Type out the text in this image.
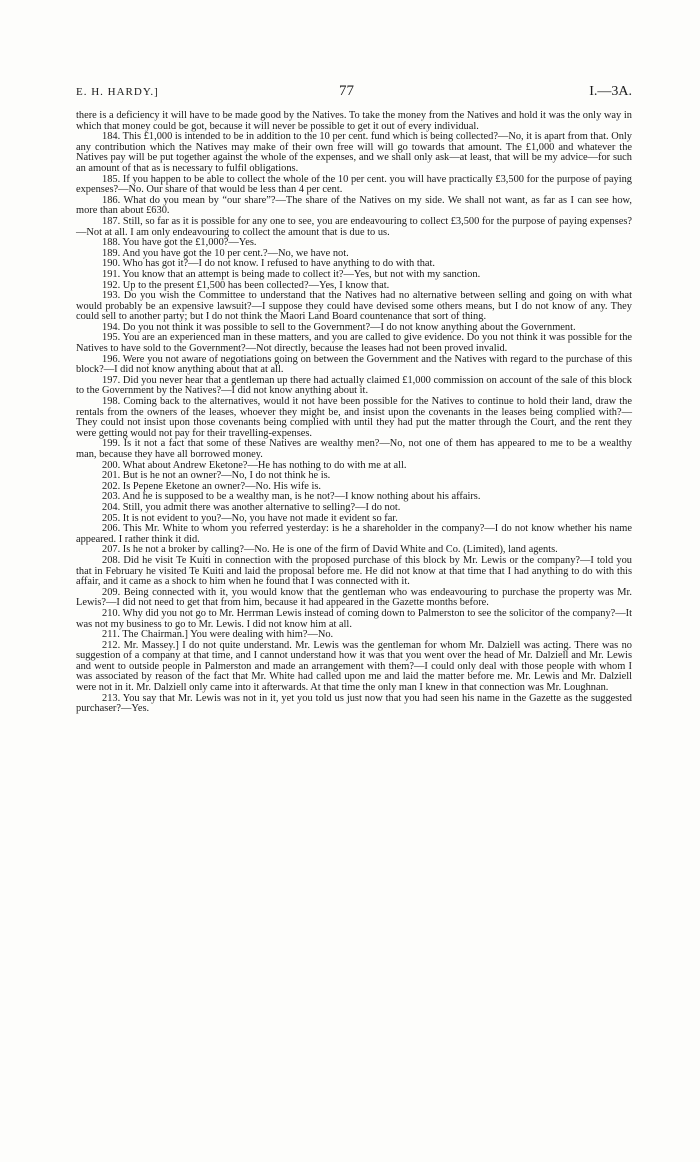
E. H. HARDY.]	77	I.—3A.

there is a deficiency it will have to be made good by the Natives. To take the money from the Natives and hold it was the only way in which that money could be got, because it will never be possible to get it out of every individual.

184. This £1,000 is intended to be in addition to the 10 per cent. fund which is being collected?—No, it is apart from that. Only any contribution which the Natives may make of their own free will will go towards that amount. The £1,000 and whatever the Natives pay will be put together against the whole of the expenses, and we shall only ask—at least, that will be my advice—for such an amount of that as is necessary to fulfil obligations.

185. If you happen to be able to collect the whole of the 10 per cent. you will have practically £3,500 for the purpose of paying expenses?—No. Our share of that would be less than 4 per cent.

186. What do you mean by “our share”?—The share of the Natives on my side. We shall not want, as far as I can see how, more than about £630.

187. Still, so far as it is possible for any one to see, you are endeavouring to collect £3,500 for the purpose of paying expenses?—Not at all. I am only endeavouring to collect the amount that is due to us.

188. You have got the £1,000?—Yes.

189. And you have got the 10 per cent.?—No, we have not.

190. Who has got it?—I do not know. I refused to have anything to do with that.

191. You know that an attempt is being made to collect it?—Yes, but not with my sanction.

192. Up to the present £1,500 has been collected?—Yes, I know that.

193. Do you wish the Committee to understand that the Natives had no alternative between selling and going on with what would probably be an expensive lawsuit?—I suppose they could have devised some others means, but I do not know of any. They could sell to another party; but I do not think the Maori Land Board countenance that sort of thing.

194. Do you not think it was possible to sell to the Government?—I do not know anything about the Government.

195. You are an experienced man in these matters, and you are called to give evidence. Do you not think it was possible for the Natives to have sold to the Government?—Not directly, because the leases had not been proved invalid.

196. Were you not aware of negotiations going on between the Government and the Natives with regard to the purchase of this block?—I did not know anything about that at all.

197. Did you never hear that a gentleman up there had actually claimed £1,000 commission on account of the sale of this block to the Government by the Natives?—I did not know anything about it.

198. Coming back to the alternatives, would it not have been possible for the Natives to continue to hold their land, draw the rentals from the owners of the leases, whoever they might be, and insist upon the covenants in the leases being complied with?—They could not insist upon those covenants being complied with until they had put the matter through the Court, and the rent they were getting would not pay for their travelling-expenses.

199. Is it not a fact that some of these Natives are wealthy men?—No, not one of them has appeared to me to be a wealthy man, because they have all borrowed money.

200. What about Andrew Eketone?—He has nothing to do with me at all.

201. But is he not an owner?—No, I do not think he is.

202. Is Pepene Eketone an owner?—No. His wife is.

203. And he is supposed to be a wealthy man, is he not?—I know nothing about his affairs.

204. Still, you admit there was another alternative to selling?—I do not.

205. It is not evident to you?—No, you have not made it evident so far.

206. This Mr. White to whom you referred yesterday: is he a shareholder in the company?—I do not know whether his name appeared. I rather think it did.

207. Is he not a broker by calling?—No. He is one of the firm of David White and Co. (Limited), land agents.

208. Did he visit Te Kuiti in connection with the proposed purchase of this block by Mr. Lewis or the company?—I told you that in February he visited Te Kuiti and laid the proposal before me. He did not know at that time that I had anything to do with this affair, and it came as a shock to him when he found that I was connected with it.

209. Being connected with it, you would know that the gentleman who was endeavouring to purchase the property was Mr. Lewis?—I did not need to get that from him, because it had appeared in the Gazette months before.

210. Why did you not go to Mr. Herrman Lewis instead of coming down to Palmerston to see the solicitor of the company?—It was not my business to go to Mr. Lewis. I did not know him at all.

211. The Chairman.] You were dealing with him?—No.

212. Mr. Massey.] I do not quite understand. Mr. Lewis was the gentleman for whom Mr. Dalziell was acting. There was no suggestion of a company at that time, and I cannot understand how it was that you went over the head of Mr. Dalziell and Mr. Lewis and went to outside people in Palmerston and made an arrangement with them?—I could only deal with those people with whom I was associated by reason of the fact that Mr. White had called upon me and laid the matter before me. Mr. Lewis and Mr. Dalziell were not in it. Mr. Dalziell only came into it afterwards. At that time the only man I knew in that connection was Mr. Loughnan.

213. You say that Mr. Lewis was not in it, yet you told us just now that you had seen his name in the Gazette as the suggested purchaser?—Yes.
